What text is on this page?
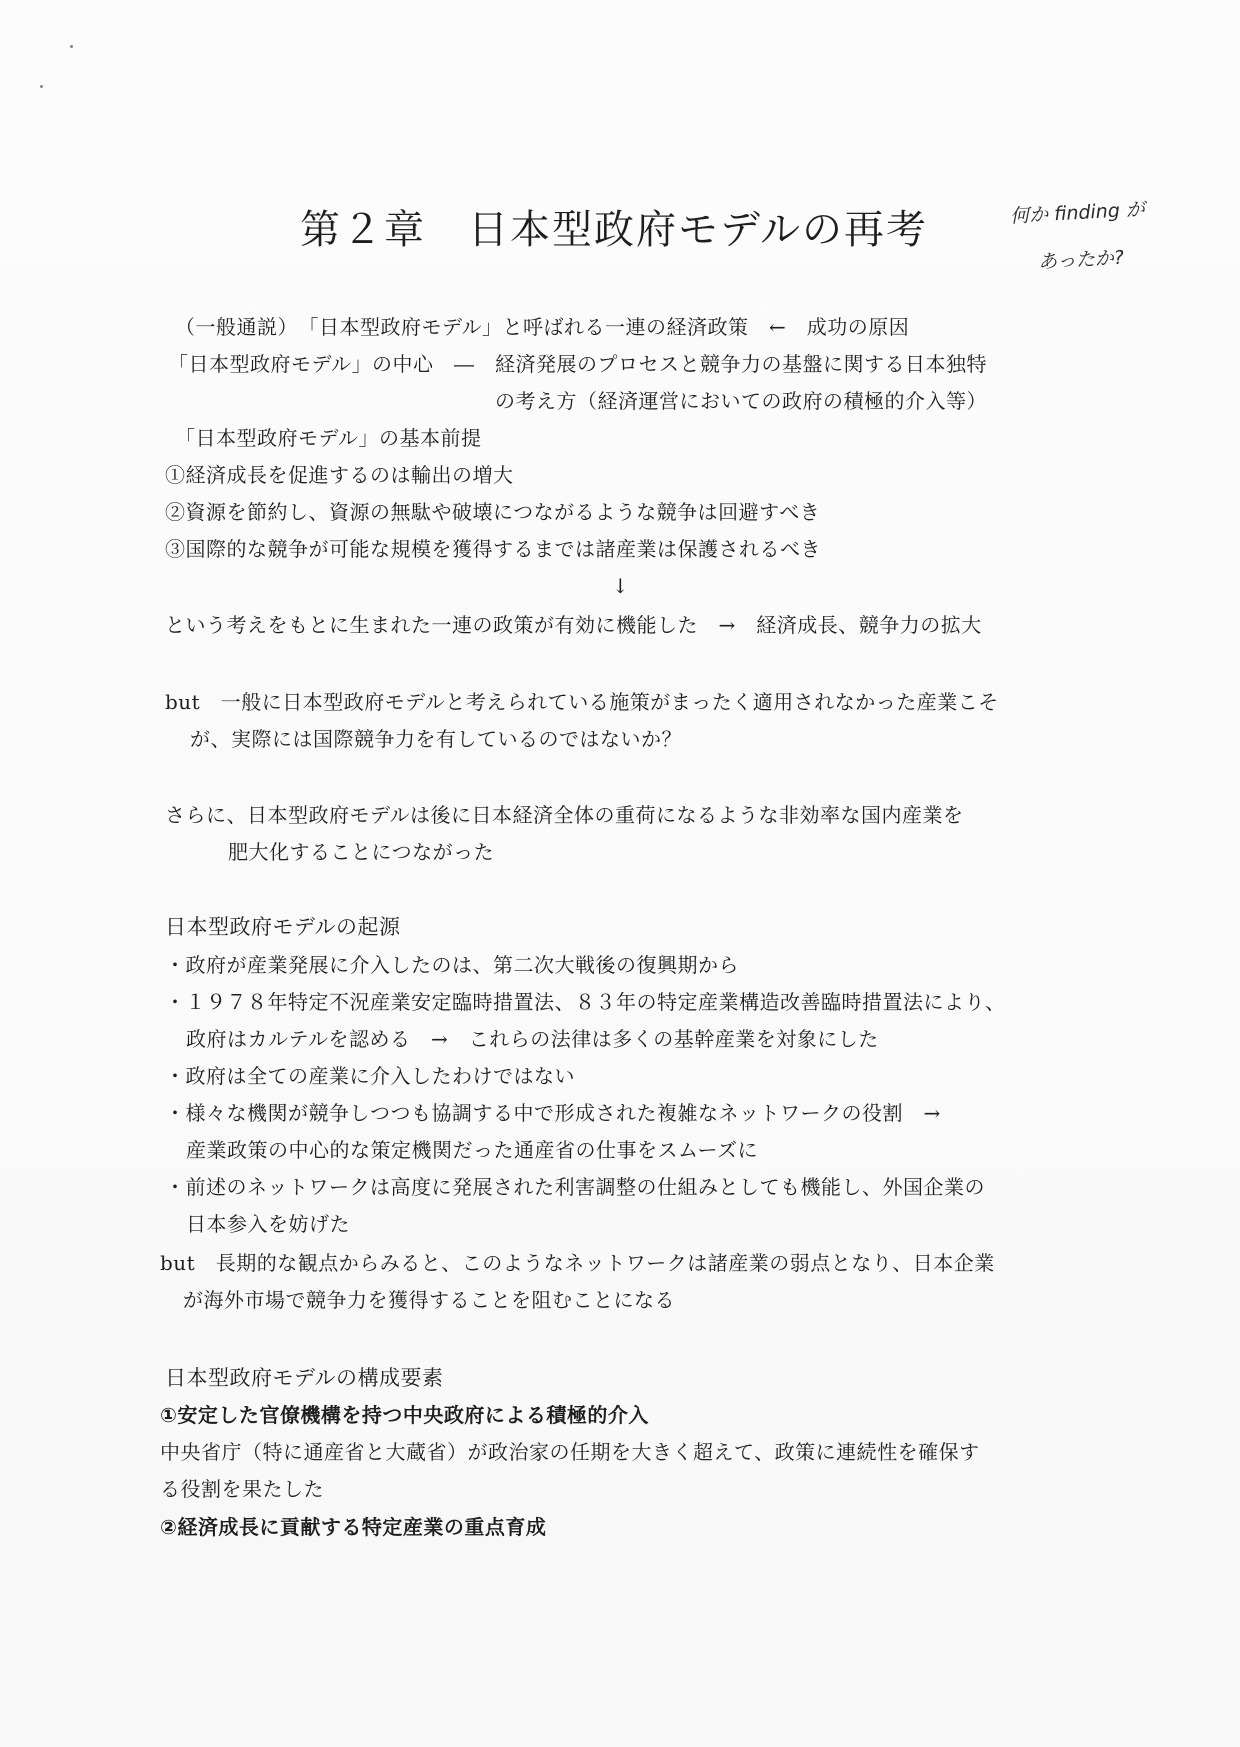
第２章　日本型政府モデルの再考	何か finding が
あったか?
（一般通説）　「日本型政府モデル」と呼ばれる一連の経済政策　←　成功の原因
「日本型政府モデル」の中心　―　経済発展のプロセスと競争力の基盤に関する日本独特
の考え方（経済運営においての政府の積極的介入等）
「日本型政府モデル」の基本前提
①経済成長を促進するのは輸出の増大
②資源を節約し、資源の無駄や破壊につながるような競争は回避すべき
③国際的な競争が可能な規模を獲得するまでは諸産業は保護されるべき
↓
という考えをもとに生まれた一連の政策が有効に機能した　→　経済成長、競争力の拡大
but　一般に日本型政府モデルと考えられている施策がまったく適用されなかった産業こそ
が、実際には国際競争力を有しているのではないか？
さらに、日本型政府モデルは後に日本経済全体の重荷になるような非効率な国内産業を
肥大化することにつながった
日本型政府モデルの起源
・政府が産業発展に介入したのは、第二次大戦後の復興期から
・１９７８年特定不況産業安定臨時措置法、８３年の特定産業構造改善臨時措置法により、
政府はカルテルを認める　→　これらの法律は多くの基幹産業を対象にした
・政府は全ての産業に介入したわけではない
・様々な機関が競争しつつも協調する中で形成された複雑なネットワークの役割　→
産業政策の中心的な策定機関だった通産省の仕事をスムーズに
・前述のネットワークは高度に発展された利害調整の仕組みとしても機能し、外国企業の
日本参入を妨げた
but　長期的な観点からみると、このようなネットワークは諸産業の弱点となり、日本企業
が海外市場で競争力を獲得することを阻むことになる
日本型政府モデルの構成要素
①安定した官僚機構を持つ中央政府による積極的介入
中央省庁（特に通産省と大蔵省）が政治家の任期を大きく超えて、政策に連続性を確保す
る役割を果たした
②経済成長に貢献する特定産業の重点育成
